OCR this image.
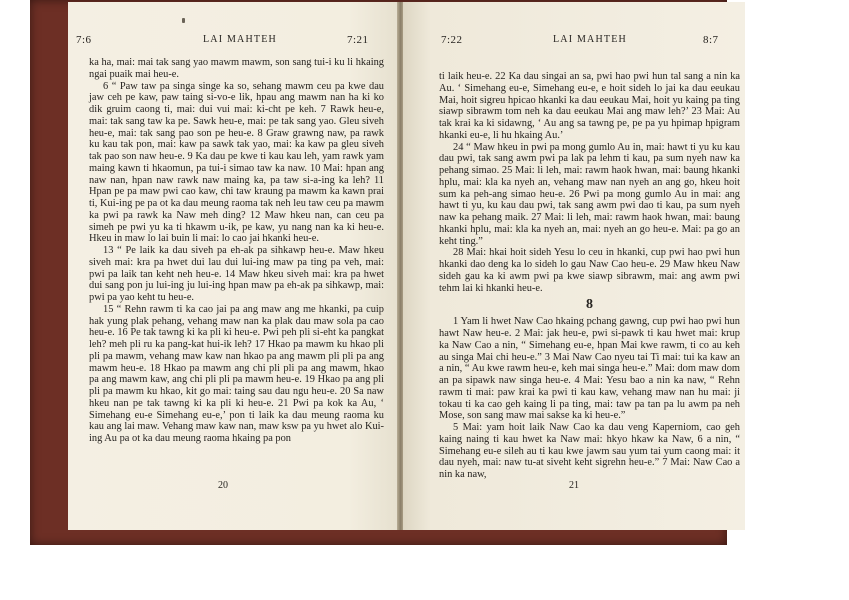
7:6	LAI MAHTEH	7:21

ka ha, mai: mai tak sang yao mawm mawm, son sang tui-i ku li hkaing ngai puaik mai heu-e.

6 “ Paw taw pa singa singe ka so, sehang mawm ceu pa kwe dau jaw ceh pe kaw, paw taing si-vo-e lik, hpau ang mawm nan ha ki ko dik gruim caong ti, mai: dui vui mai: ki-cht pe keh. 7 Rawk heu-e, mai: tak sang taw ka pe. Sawk heu-e, mai: pe tak sang yao. Gleu siveh heu-e, mai: tak sang pao son pe heu-e. 8 Graw grawng naw, pa rawk ku kau tak pon, mai: kaw pa sawk tak yao, mai: ka kaw pa gleu siveh tak pao son naw heu-e. 9 Ka dau pe kwe ti kau kau leh, yam rawk yam maing kawn ti hkaomun, pa tui-i simao taw ka naw. 10 Mai: hpan ang naw nan, hpan naw rawk naw maing ka, pa taw si-a-ing ka leh? 11 Hpan pe pa maw pwi cao kaw, chi taw kraung pa mawm ka kawn prai ti, Kui-ing pe pa ot ka dau meung raoma tak neh leu taw ceu pa mawm ka pwi pa rawk ka Naw meh ding? 12 Maw hkeu nan, can ceu pa simeh pe pwi yu ka ti hkawm u-ik, pe kaw, yu nang nan ka ki heu-e. Hkeu in maw lo lai buin li mai: lo cao jai hkanki heu-e.

13 “ Pe laik ka dau siveh pa eh-ak pa sihkawp heu-e. Maw hkeu siveh mai: kra pa hwet dui lau dui lui-ing maw pa ting pa veh, mai: pwi pa laik tan keht neh heu-e. 14 Maw hkeu siveh mai: kra pa hwet dui sang pon ju lui-ing ju lui-ing hpan maw pa eh-ak pa sihkawp, mai: pwi pa yao keht tu heu-e.

15 “ Rehn rawm ti ka cao jai pa ang maw ang me hkanki, pa cuip hak yung plak pehang, vehang maw nan ka plak dau maw sola pa cao heu-e. 16 Pe tak tawng ki ka pli ki heu-e. Pwi peh pli si-eht ka pangkat leh? meh pli ru ka pang-kat hui-ik leh? 17 Hkao pa mawm ku hkao pli pli pa mawm, vehang maw kaw nan hkao pa ang mawm pli pli pa ang mawm heu-e. 18 Hkao pa mawm ang chi pli pli pa ang mawm, hkao pa ang mawm kaw, ang chi pli pli pa mawm heu-e. 19 Hkao pa ang pli pli pa mawm ku hkao, kit go mai: taing sau dau ngu heu-e. 20 Sa naw hkeu nan pe tak tawng ki ka pli ki heu-e. 21 Pwi pa kok ka Au, ‘ Simehang eu-e Simehang eu-e,’ pon ti laik ka dau meung raoma ku kau ang lai maw. Vehang maw kaw nan, maw ksw pa yu hwet alo Kui-ing Au pa ot ka dau meung raoma hkaing pa pon

20
7:22	LAI MAHTEH	8:7

ti laik heu-e. 22 Ka dau singai an sa, pwi hao pwi hun tal sang a nin ka Au. ‘ Simehang eu-e, Simehang eu-e, e hoit sideh lo jai ka dau eeukau Mai, hoit sigreu hpicao hkanki ka dau eeukau Mai, hoit yu kaing pa ting siawp sibrawm tom neh ka dau eeukau Mai ang maw leh?’ 23 Mai: Au tak krai ka ki sidawng, ‘ Au ang sa tawng pe, pe pa yu hpimap hpigram hkanki eu-e, li hu hkaing Au.’

24 “ Maw hkeu in pwi pa mong gumlo Au in, mai: hawt ti yu ku kau dau pwi, tak sang awm pwi pa lak pa lehm ti kau, pa sum nyeh naw ka pehang simao. 25 Mai: li leh, mai: rawm haok hwan, mai: baung hkanki hplu, mai: kla ka nyeh an, vehang maw nan nyeh an ang go, hkeu hoit sum ka peh-ang simao heu-e. 26 Pwi pa mong gumlo Au in mai: ang hawt ti yu, ku kau dau pwi, tak sang awm pwi dao ti kau, pa sum nyeh naw ka pehang maik. 27 Mai: li leh, mai: rawm haok hwan, mai: baung hkanki hplu, mai: kla ka nyeh an, mai: nyeh an go heu-e. Mai: pa go an keht ting.”

28 Mai: hkai hoit sideh Yesu lo ceu in hkanki, cup pwi hao pwi hun hkanki dao deng ka lo sideh lo gau Naw Cao heu-e. 29 Maw hkeu Naw sideh gau ka ki awm pwi pa kwe siawp sibrawm, mai: ang awm pwi tehm lai ki hkanki heu-e.

8

1 Yam li hwet Naw Cao hkaing pchang gawng, cup pwi hao pwi hun hawt Naw heu-e. 2 Mai: jak heu-e, pwi si-pawk ti kau hwet mai: krup ka Naw Cao a nin, “ Simehang eu-e, hpan Mai kwe rawm, ti co au keh au singa Mai chi heu-e.” 3 Mai Naw Cao nyeu tai Ti mai: tui ka kaw an a nin, “ Au kwe rawm heu-e, keh mai singa heu-e.” Mai: dom maw dom an pa sipawk naw singa heu-e. 4 Mai: Yesu bao a nin ka naw, “ Rehn rawm ti mai: paw krai ka pwi ti kau kaw, vehang maw nan hu mai: ji tokau ti ka cao geh kaing li pa ting, mai: taw pa tan pa lu awm pa neh Mose, son sang maw mai sakse ka ki heu-e.”

5 Mai: yam hoit laik Naw Cao ka dau veng Kaperniom, cao geh kaing naing ti kau hwet ka Naw mai: hkyo hkaw ka Naw, 6 a nin, “ Simehang eu-e sileh au ti kau kwe jawm sau yum tai yum caong mai: it dau nyeh, mai: naw tu-at siveht keht sigrehn heu-e.” 7 Mai: Naw Cao a nin ka naw,

21
